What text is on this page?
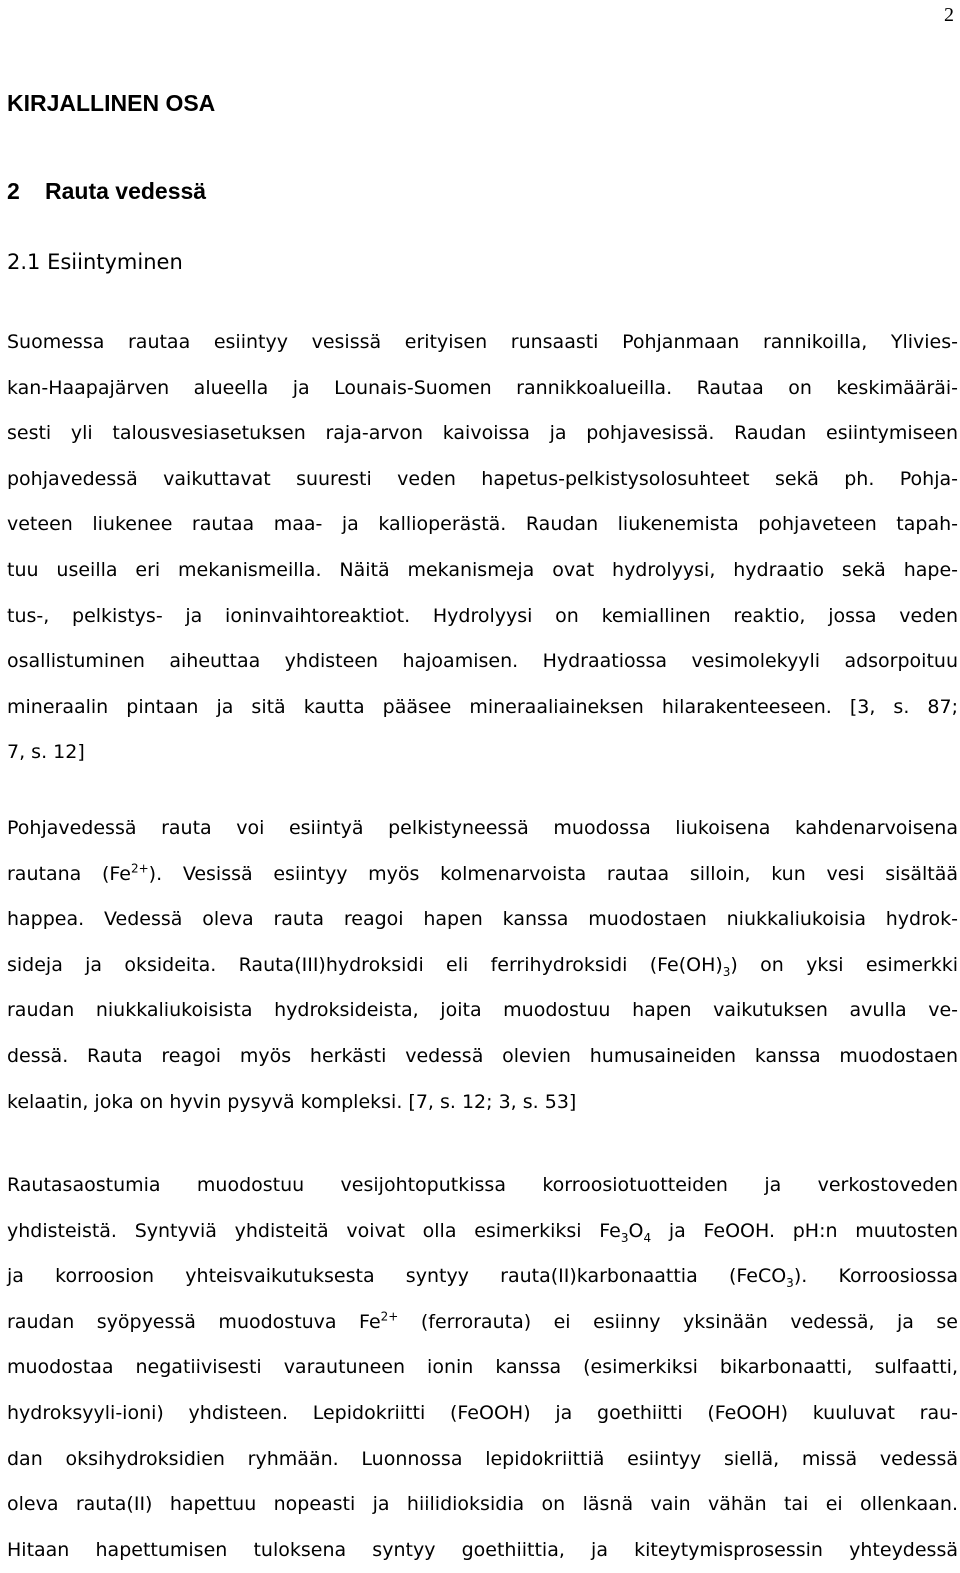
2
KIRJALLINEN OSA
2 Rauta vedessä
2.1 Esiintyminen
Suomessa rautaa esiintyy vesissä erityisen runsaasti Pohjanmaan rannikoilla, Ylivies-
kan-Haapajärven alueella ja Lounais-Suomen rannikkoalueilla. Rautaa on keskimääräi-
sesti yli talousvesiasetuksen raja-arvon kaivoissa ja pohjavesissä. Raudan esiintymiseen
pohjavedessä vaikuttavat suuresti veden hapetus-pelkistysolosuhteet sekä ph. Pohja-
veteen liukenee rautaa maa- ja kallioperästä. Raudan liukenemista pohjaveteen tapah-
tuu useilla eri mekanismeilla. Näitä mekanismeja ovat hydrolyysi, hydraatio sekä hape-
tus-, pelkistys- ja ioninvaihtoreaktiot. Hydrolyysi on kemiallinen reaktio, jossa veden
osallistuminen aiheuttaa yhdisteen hajoamisen. Hydraatiossa vesimolekyyli adsorpoituu
mineraalin pintaan ja sitä kautta pääsee mineraaliaineksen hilarakenteeseen. [3, s. 87;
7, s. 12]
Pohjavedessä rauta voi esiintyä pelkistyneessä muodossa liukoisena kahdenarvoisena
rautana $(Fe^{2+})$. Vesissä esiintyy myös kolmenarvoista rautaa silloin, kun vesi sisältää
happea. Vedessä oleva rauta reagoi hapen kanssa muodostaen niukkaliukoisia hydrok-
sideja ja oksideita. Rauta(III)hydroksidi eli ferrihydroksidi $(Fe(OH)_3)$ on yksi esimerkki
raudan niukkaliukoisista hydroksideista, joita muodostuu hapen vaikutuksen avulla ve-
dessä. Rauta reagoi myös herkästi vedessä olevien humusaineiden kanssa muodostaen
kelaatin, joka on hyvin pysyvä kompleksi. [7, s. 12; 3, s. 53]
Rautasaostumia muodostuu vesijohtoputkissa korroosiotuotteiden ja verkostoveden
yhdisteistä. Syntyviä yhdisteitä voivat olla esimerkiksi $Fe_3O_4$ ja FeOOH. pH:n muutosten
ja korroosion yhteisvaikutuksesta syntyy rauta(II)karbonaattia (FeCO$_3$). Korroosiossa
raudan syöpyessä muodostuva $Fe^{2+}$ (ferrorauta) ei esiinny yksinään vedessä, ja se
muodostaa negatiivisesti varautuneen ionin kanssa (esimerkiksi bikarbonaatti, sulfaatti,
hydroksyyli-ioni) yhdisteen. Lepidokriitti (FeOOH) ja goethiitti (FeOOH) kuuluvat rau-
dan oksihydroksidien ryhmään. Luonnossa lepidokriittiä esiintyy siellä, missä vedessä
oleva rauta(II) hapettuu nopeasti ja hiilidioksidia on läsnä vain vähän tai ei ollenkaan.
Hitaan hapettumisen tuloksena syntyy goethiittia, ja kiteytymisprosessin yhteydessä
